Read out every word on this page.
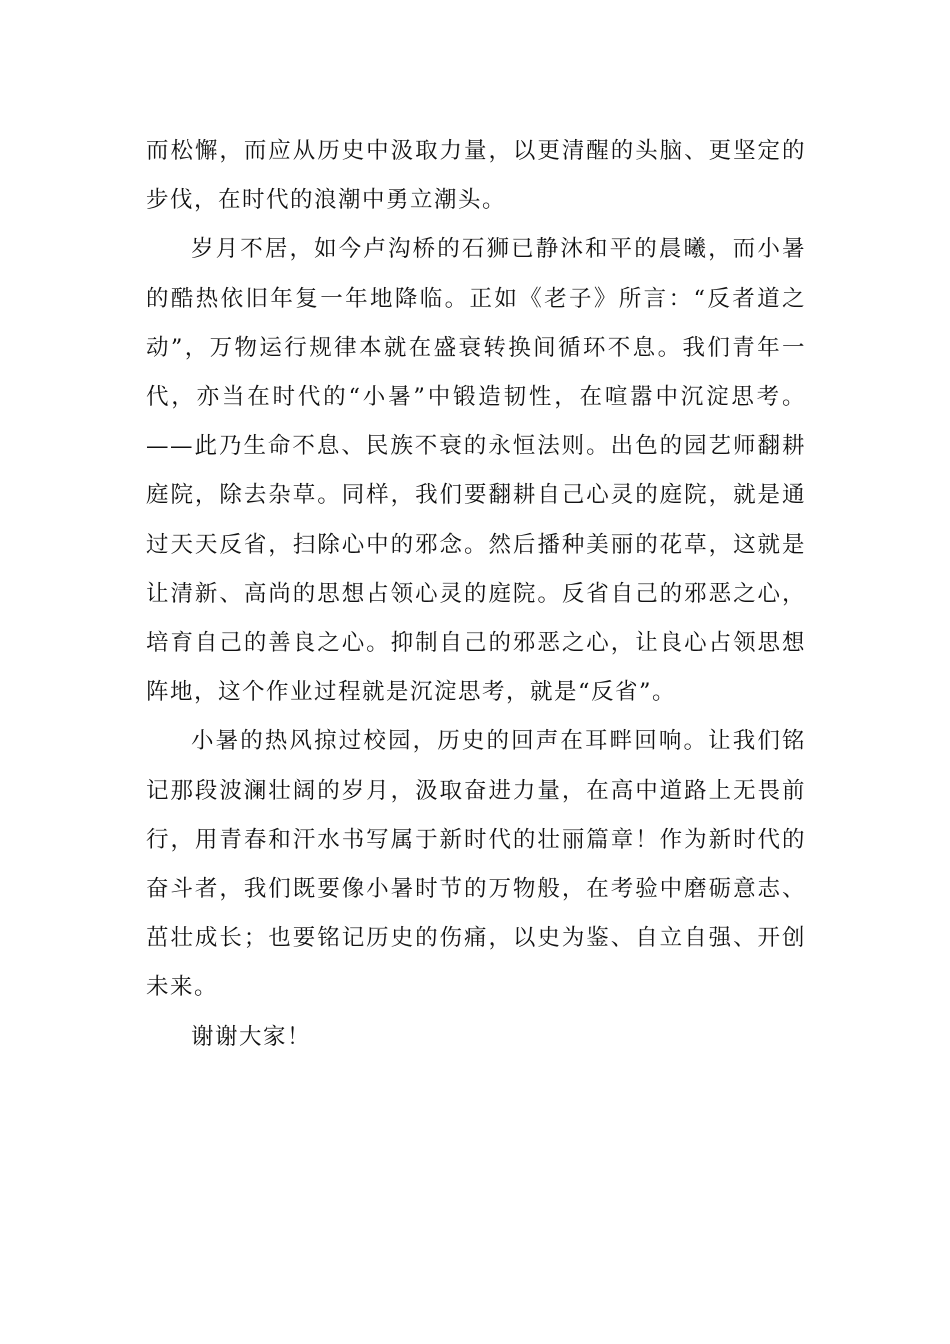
而松懈，而应从历史中汲取力量，以更清醒的头脑、更坚定的步伐，在时代的浪潮中勇立潮头。

岁月不居，如今卢沟桥的石狮已静沐和平的晨曦，而小暑的酷热依旧年复一年地降临。正如《老子》所言：“反者道之动”，万物运行规律本就在盛衰转换间循环不息。我们青年一代，亦当在时代的“小暑”中锻造韧性，在喧嚣中沉淀思考。——此乃生命不息、民族不衰的永恒法则。出色的园艺师翻耕庭院，除去杂草。同样，我们要翻耕自己心灵的庭院，就是通过天天反省，扫除心中的邪念。然后播种美丽的花草，这就是让清新、高尚的思想占领心灵的庭院。反省自己的邪恶之心，培育自己的善良之心。抑制自己的邪恶之心，让良心占领思想阵地，这个作业过程就是沉淀思考，就是“反省”。

小暑的热风掠过校园，历史的回声在耳畔回响。让我们铭记那段波澜壮阔的岁月，汲取奋进力量，在高中道路上无畏前行，用青春和汗水书写属于新时代的壮丽篇章！作为新时代的奋斗者，我们既要像小暑时节的万物般，在考验中磨砺意志、茁壮成长；也要铭记历史的伤痛，以史为鉴、自立自强、开创未来。

谢谢大家！
